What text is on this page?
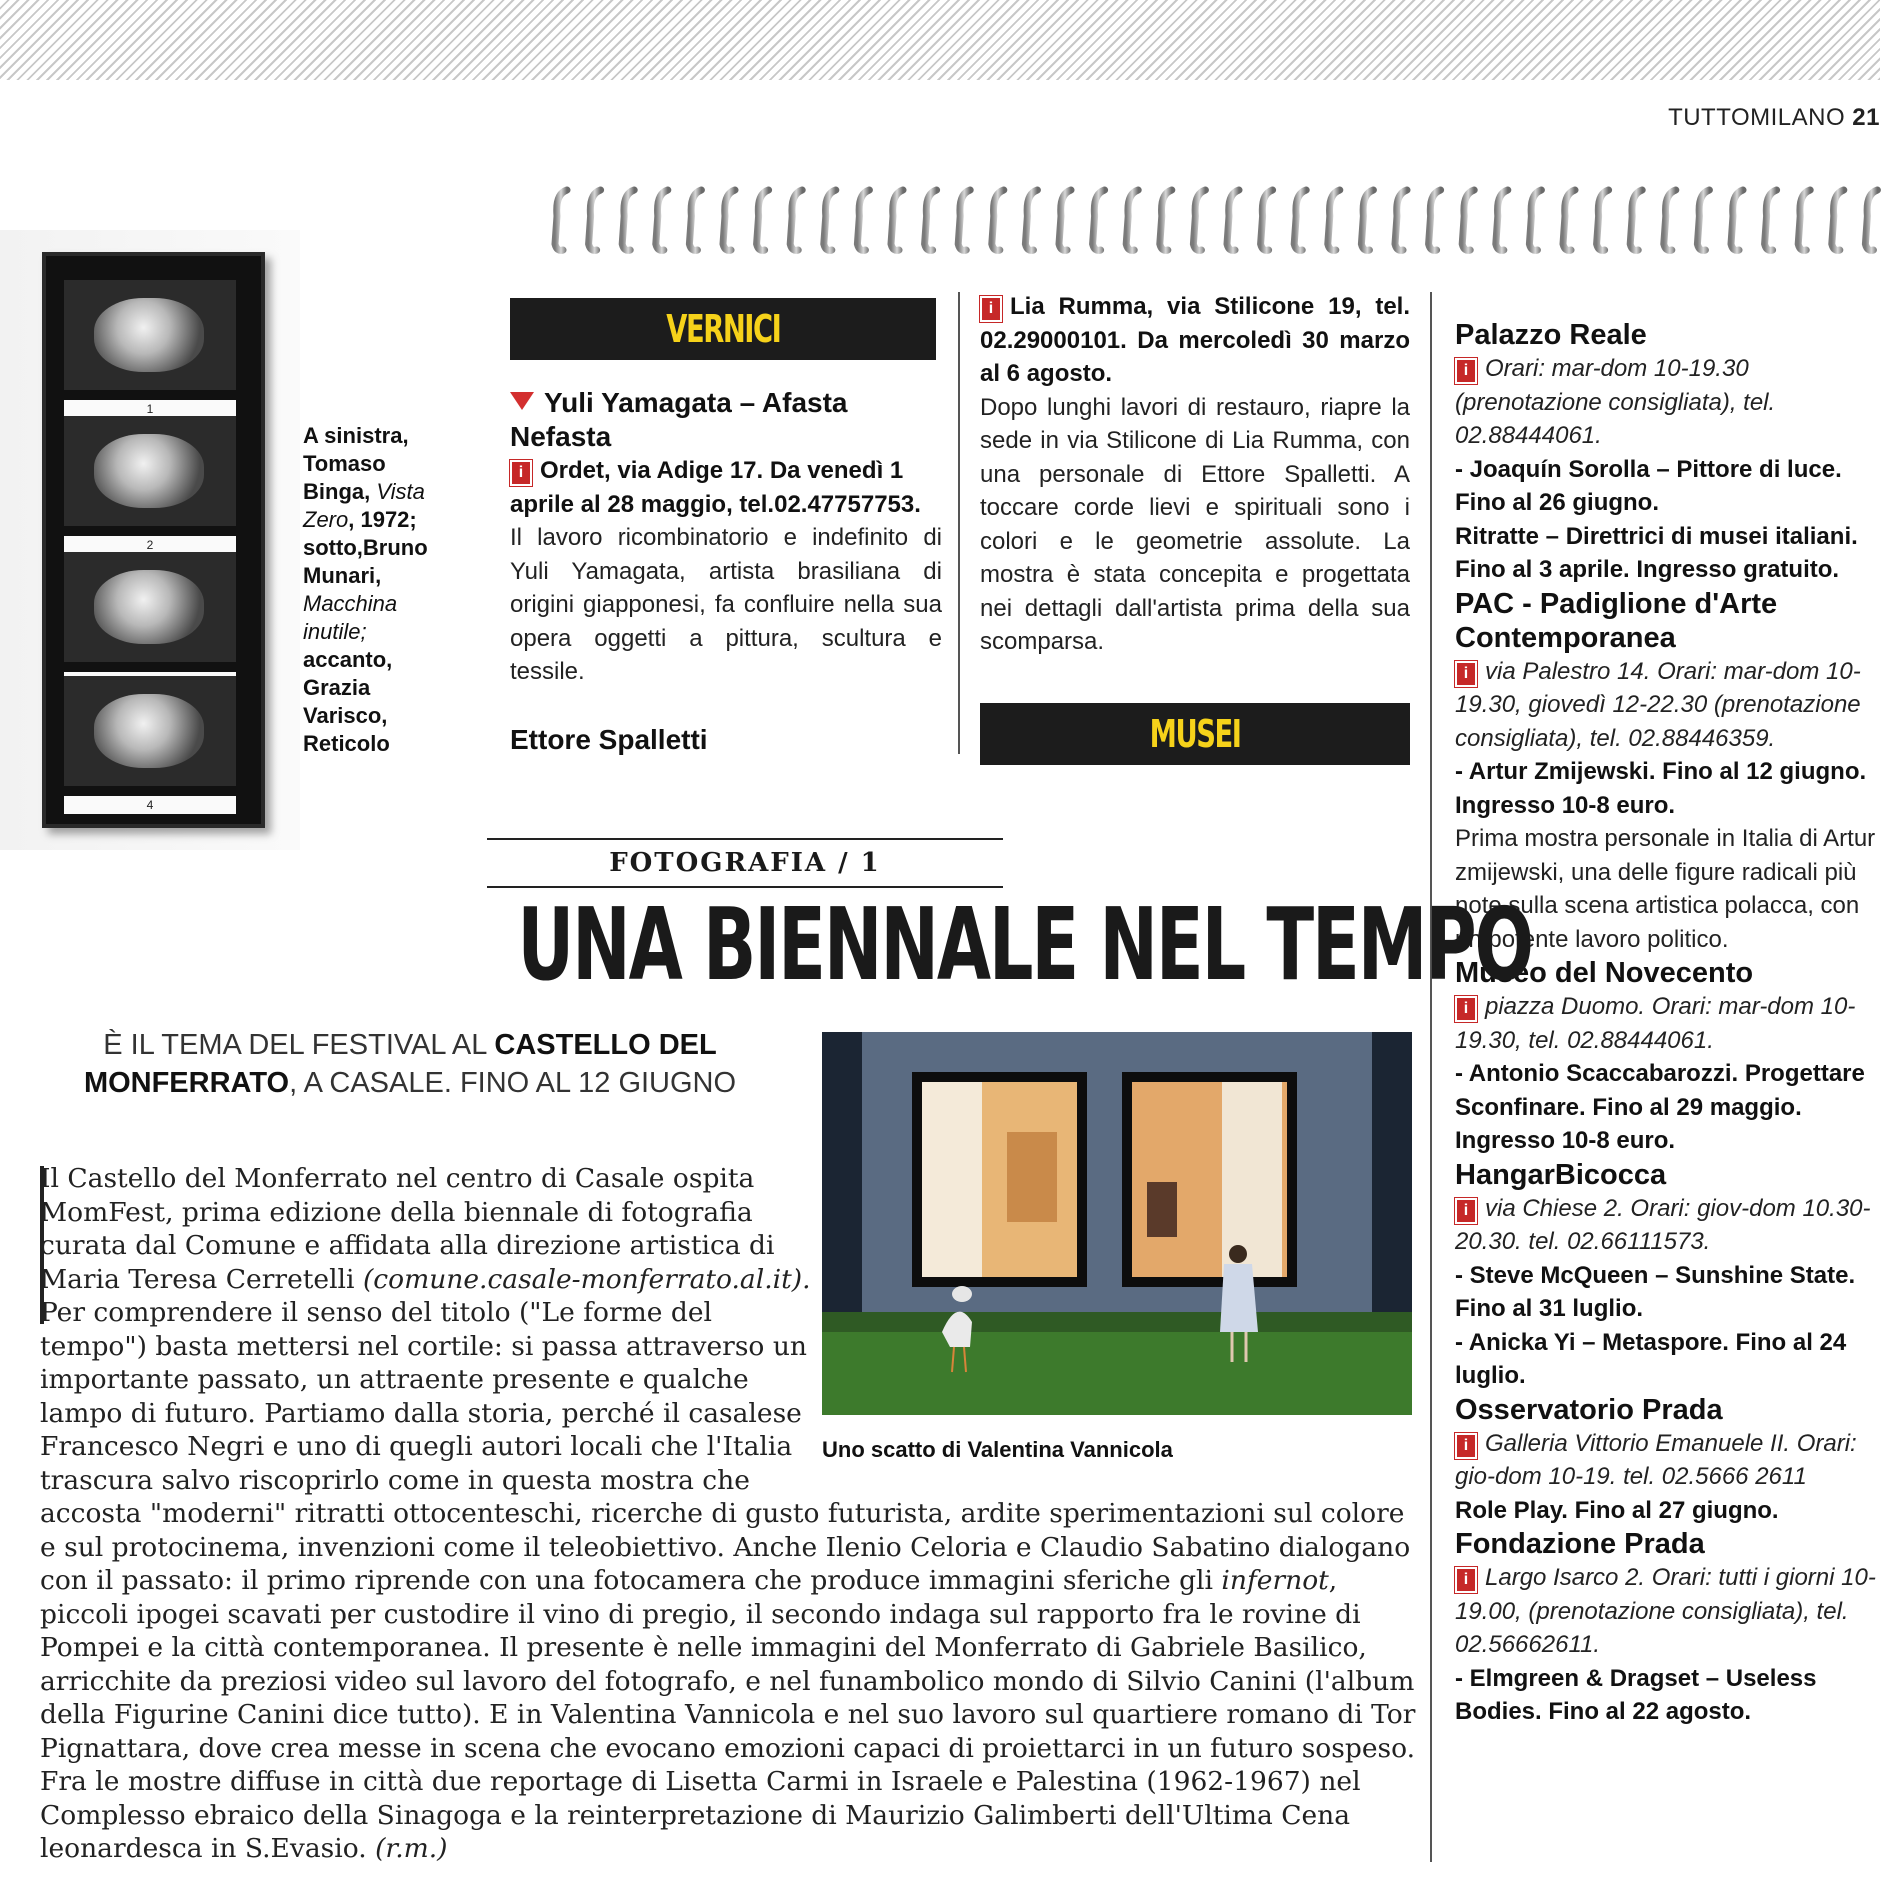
TUTTOMILANO 21
1
2
4
A sinistra, Tomaso Binga, Vista Zero, 1972; sotto,Bruno Munari, Macchina inutile; accanto, Grazia Varisco, Reticolo
VERNICI
Yuli Yamagata – Afasta Nefasta
i Ordet, via Adige 17. Da venedì 1 aprile al 28 maggio, tel.02.47757753.
Il lavoro ricombinatorio e indefinito di Yuli Yamagata, artista brasiliana di origini giapponesi, fa confluire nella sua opera oggetti a pittura, scultura e tessile.
Ettore Spalletti
i Lia Rumma, via Stilicone 19, tel. 02.29000101. Da mercoledì 30 marzo al 6 agosto.
Dopo lunghi lavori di restauro, riapre la sede in via Stilicone di Lia Rumma, con una personale di Ettore Spalletti. A toccare corde lievi e spirituali sono i colori e le geometrie assolute. La mostra è stata concepita e progettata nei dettagli dall'artista prima della sua scomparsa.
MUSEI
Palazzo Reale

i Orari: mar-dom 10-19.30 (prenotazione consigliata), tel. 02.88444061.

- Joaquín Sorolla – Pittore di luce. Fino al 26 giugno.

Ritratte – Direttrici di musei italiani. Fino al 3 aprile. Ingresso gratuito.

PAC - Padiglione d'Arte Contemporanea

i via Palestro 14. Orari: mar-dom 10-19.30, giovedì 12-22.30 (prenotazione consigliata), tel. 02.88446359.

- Artur Zmijewski. Fino al 12 giugno. Ingresso 10-8 euro.

Prima mostra personale in Italia di Artur zmijewski, una delle figure radicali più note sulla scena artistica polacca, con un potente lavoro politico.

Museo del Novecento

i piazza Duomo. Orari: mar-dom 10-19.30, tel. 02.88444061.

- Antonio Scaccabarozzi. Progettare Sconfinare. Fino al 29 maggio. Ingresso 10-8 euro.

HangarBicocca

i via Chiese 2. Orari: giov-dom 10.30-20.30. tel. 02.66111573.

- Steve McQueen – Sunshine State. Fino al 31 luglio.

- Anicka Yi – Metaspore. Fino al 24 luglio.

Osservatorio Prada

i Galleria Vittorio Emanuele II. Orari: gio-dom 10-19. tel. 02.5666 2611

Role Play. Fino al 27 giugno.

Fondazione Prada

i Largo Isarco 2. Orari: tutti i giorni 10-19.00, (prenotazione consigliata), tel. 02.56662611.

- Elmgreen & Dragset – Useless Bodies. Fino al 22 agosto.

FOTOGRAFIA / 1
UNA BIENNALE NEL TEMPO
È IL TEMA DEL FESTIVAL AL CASTELLO DEL MONFERRATO, A CASALE. FINO AL 12 GIUGNO
Uno scatto di Valentina Vannicola
Il Castello del Monferrato nel centro di Casale ospita MomFest, prima edizione della biennale di fotografia curata dal Comune e affidata alla direzione artistica di Maria Teresa Cerretelli (comune.casale-monferrato.al.it). Per comprendere il senso del titolo ("Le forme del tempo") basta mettersi nel cortile: si passa attraverso un importante passato, un attraente presente e qualche lampo di futuro. Partiamo dalla storia, perché il casalese Francesco Negri e uno di quegli autori locali che l'Italia trascura salvo riscoprirlo come in questa mostra che accosta "moderni" ritratti ottocenteschi, ricerche di gusto futurista, ardite sperimentazioni sul colore e sul protocinema, invenzioni come il teleobiettivo. Anche Ilenio Celoria e Claudio Sabatino dialogano con il passato: il primo riprende con una fotocamera che produce immagini sferiche gli infernot, piccoli ipogei scavati per custodire il vino di pregio, il secondo indaga sul rapporto fra le rovine di Pompei e la città contemporanea. Il presente è nelle immagini del Monferrato di Gabriele Basilico, arricchite da preziosi video sul lavoro del fotografo, e nel funambolico mondo di Silvio Canini (l'album della Figurine Canini dice tutto). E in Valentina Vannicola e nel suo lavoro sul quartiere romano di Tor Pignattara, dove crea messe in scena che evocano emozioni capaci di proiettarci in un futuro sospeso. Fra le mostre diffuse in città due reportage di Lisetta Carmi in Israele e Palestina (1962-1967) nel Complesso ebraico della Sinagoga e la reinterpretazione di Maurizio Galimberti dell'Ultima Cena leonardesca in S.Evasio. (r.m.)
